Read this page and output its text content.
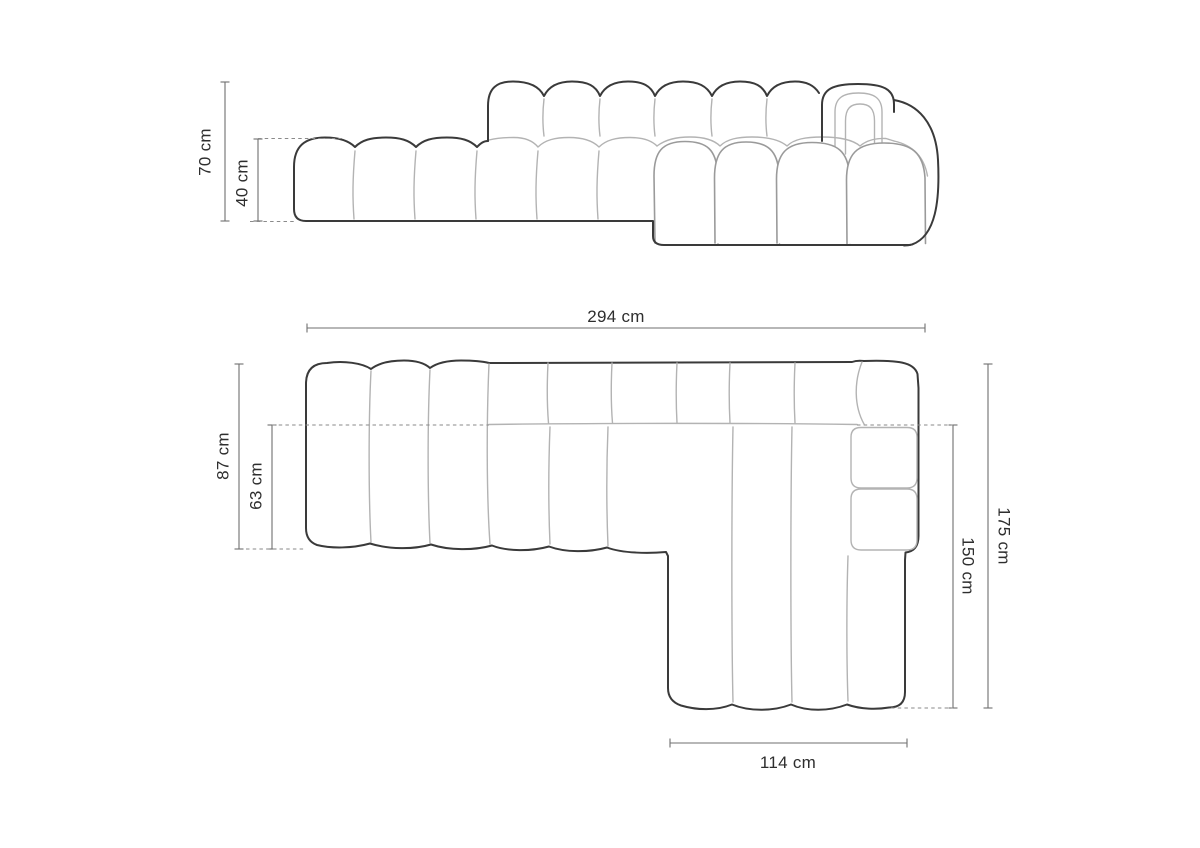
70 cm
40 cm
294 cm
87 cm
63 cm
175 cm
150 cm
114 cm
